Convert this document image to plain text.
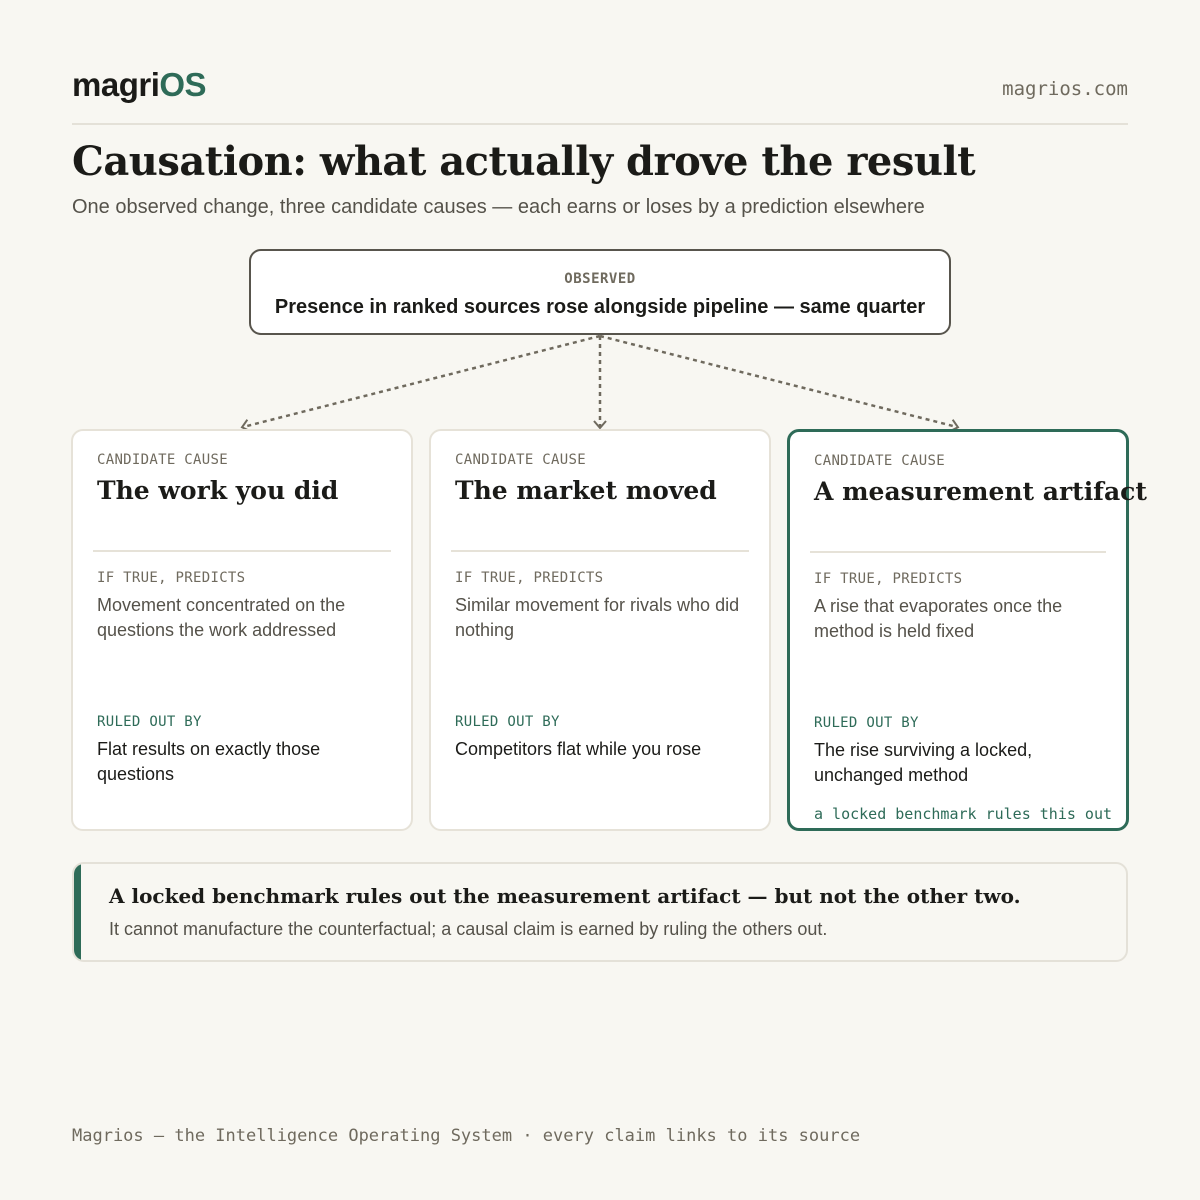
magriOS	magrios.com
Causation: what actually drove the result
One observed change, three candidate causes — each earns or loses by a prediction elsewhere
OBSERVED
Presence in ranked sources rose alongside pipeline — same quarter
CANDIDATE CAUSE
The work you did
IF TRUE, PREDICTS
Movement concentrated on the questions the work addressed
RULED OUT BY
Flat results on exactly those questions
CANDIDATE CAUSE
The market moved
IF TRUE, PREDICTS
Similar movement for rivals who did nothing
RULED OUT BY
Competitors flat while you rose
CANDIDATE CAUSE
A measurement artifact
IF TRUE, PREDICTS
A rise that evaporates once the method is held fixed
RULED OUT BY
The rise surviving a locked, unchanged method
a locked benchmark rules this out
A locked benchmark rules out the measurement artifact — but not the other two.
It cannot manufacture the counterfactual; a causal claim is earned by ruling the others out.
Magrios — the Intelligence Operating System · every claim links to its source
